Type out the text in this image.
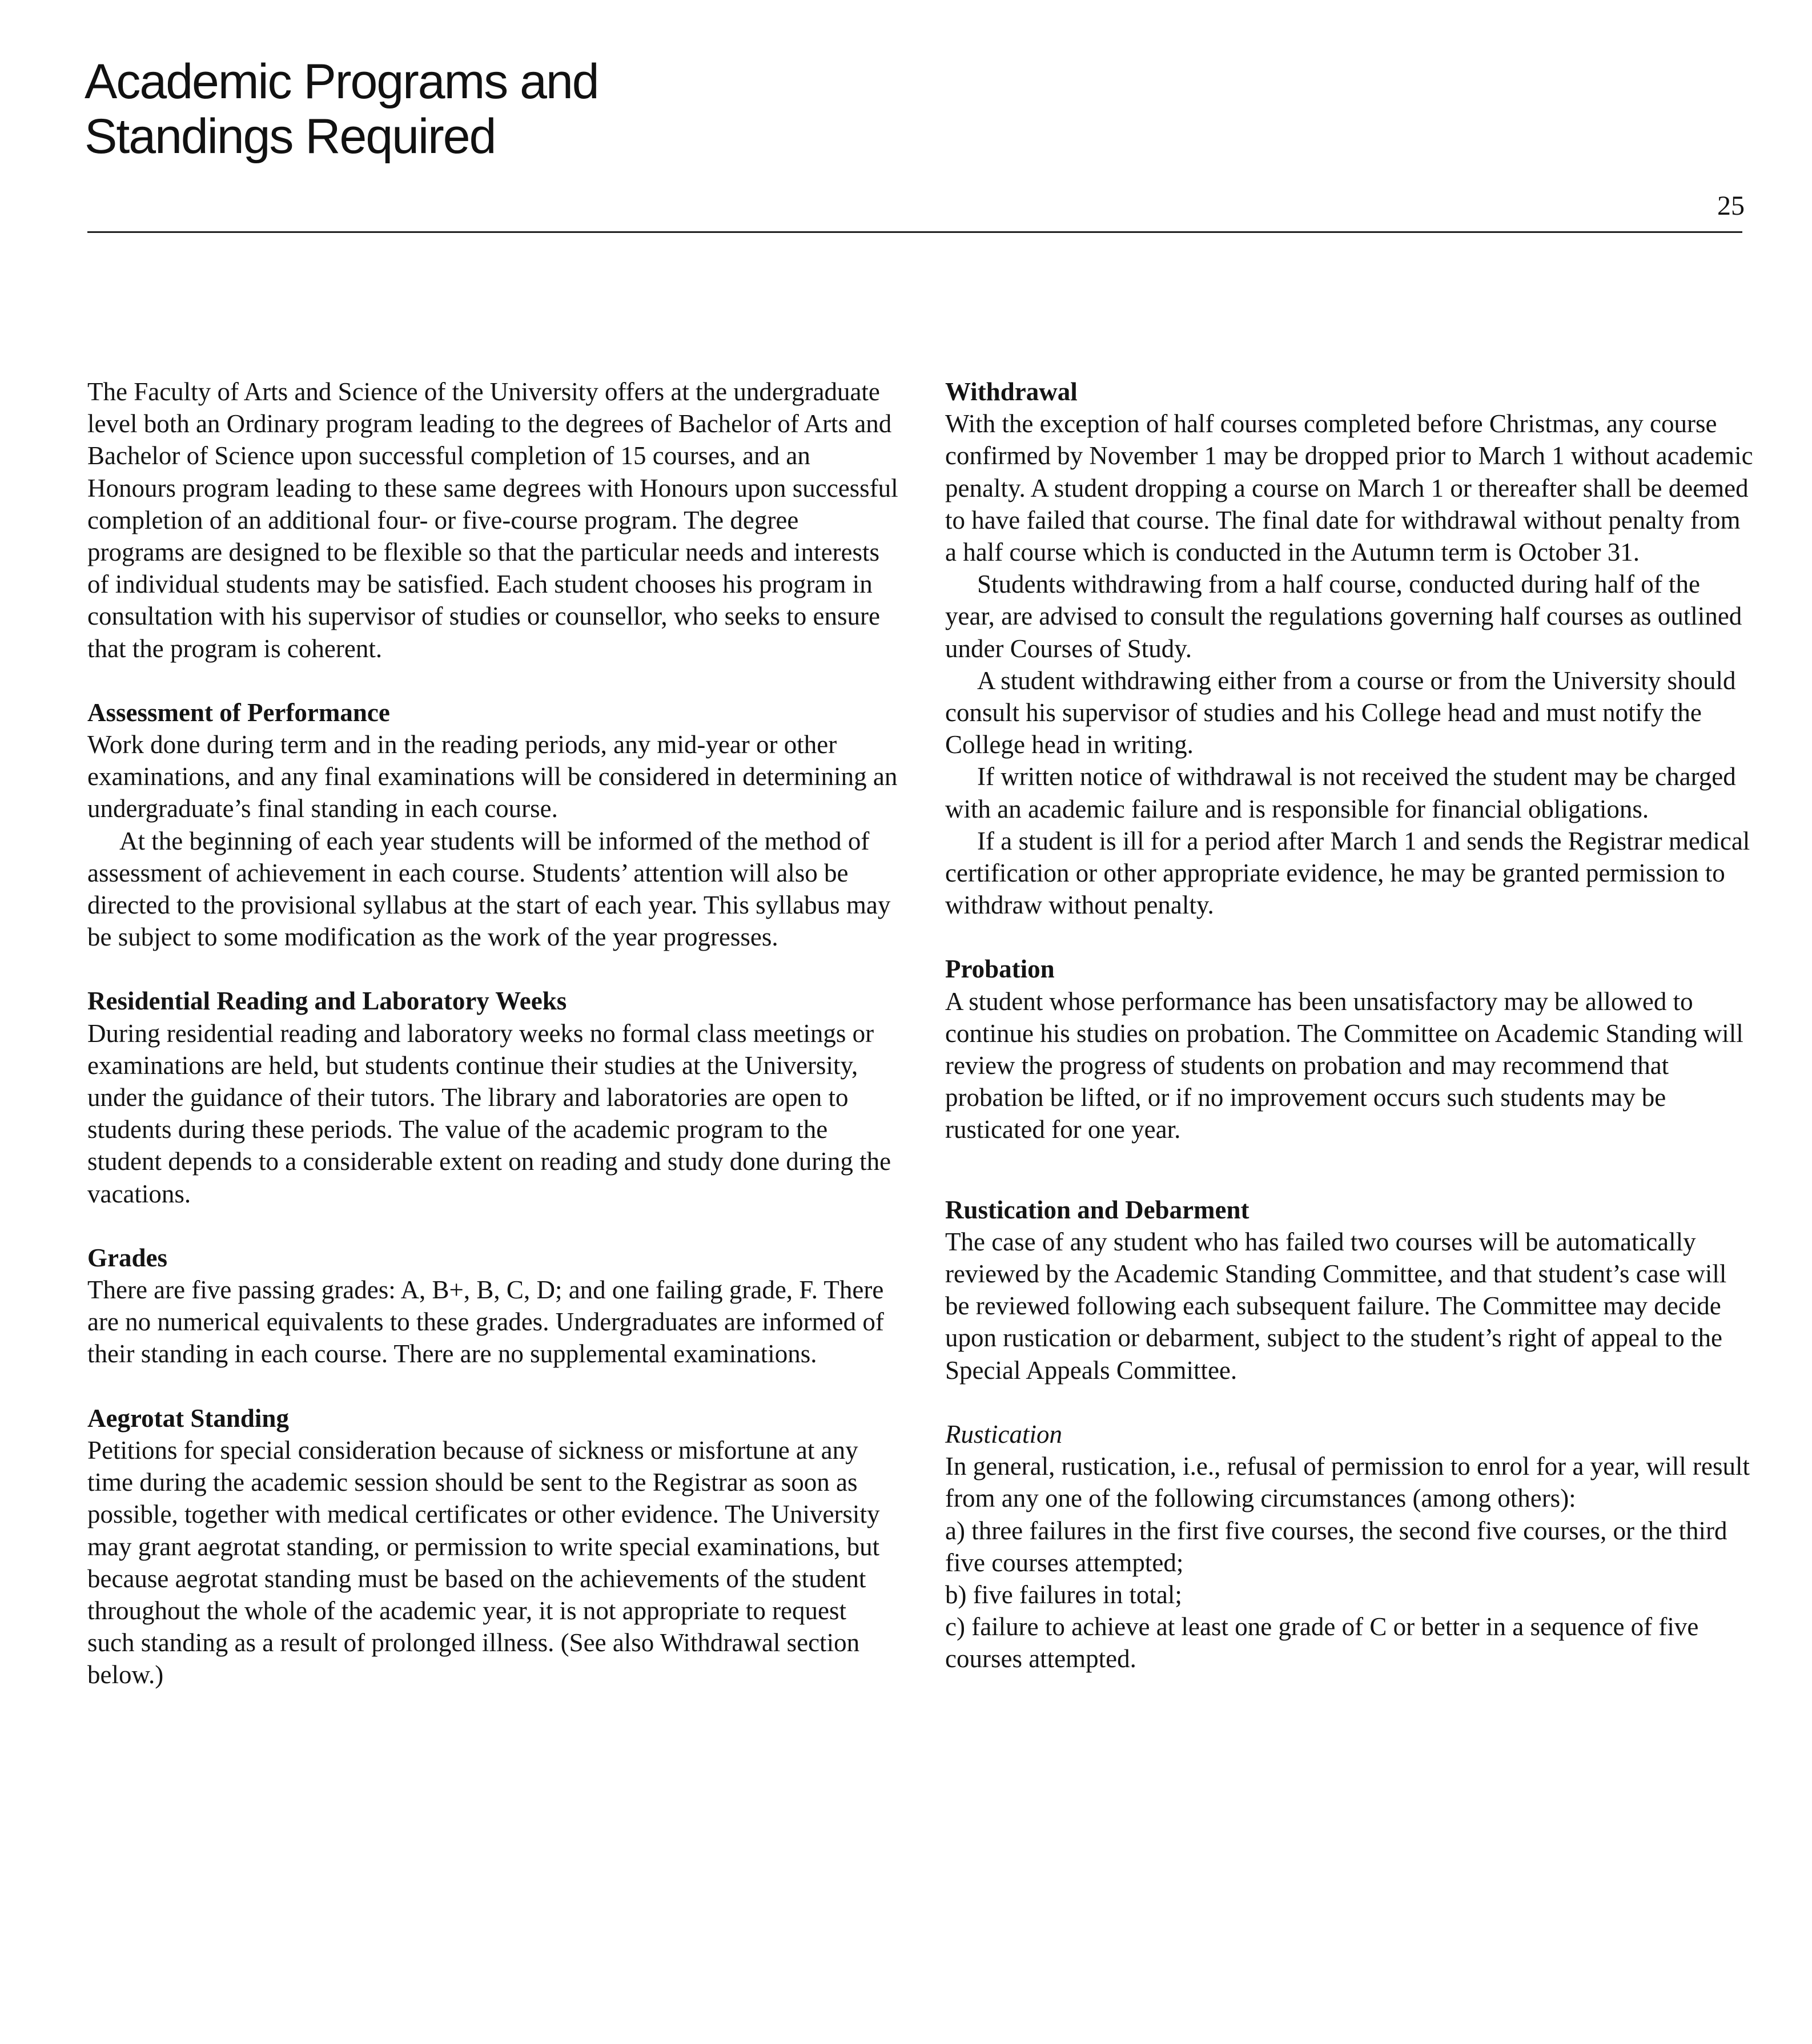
Academic Programs and
Standings Required
25

The Faculty of Arts and Science of the University offers at the undergraduate level both an Ordinary program leading to the degrees of Bachelor of Arts and Bachelor of Science upon successful completion of 15 courses, and an Honours program leading to these same degrees with Honours upon successful completion of an additional four- or five-course program. The degree programs are designed to be flexible so that the particular needs and interests of individual students may be satisfied. Each student chooses his program in consultation with his supervisor of studies or counsellor, who seeks to ensure that the program is coherent.

Assessment of Performance

Work done during term and in the reading periods, any mid-year or other examinations, and any final examinations will be considered in determining an undergraduate’s final standing in each course.

At the beginning of each year students will be informed of the method of assessment of achievement in each course. Students’ attention will also be directed to the provisional syllabus at the start of each year. This syllabus may be subject to some modification as the work of the year progresses.

Residential Reading and Laboratory Weeks

During residential reading and laboratory weeks no formal class meetings or examinations are held, but students continue their studies at the University, under the guidance of their tutors. The library and laboratories are open to students during these periods. The value of the academic program to the student depends to a considerable extent on reading and study done during the vacations.

Grades

There are five passing grades: A, B+, B, C, D; and one failing grade, F. There are no numerical equivalents to these grades. Undergraduates are informed of their standing in each course. There are no supplemental examinations.

Aegrotat Standing

Petitions for special consideration because of sickness or misfortune at any time during the academic session should be sent to the Registrar as soon as possible, together with medical certificates or other evidence. The University may grant aegrotat standing, or permission to write special examinations, but because aegrotat standing must be based on the achievements of the student throughout the whole of the academic year, it is not appropriate to request such standing as a result of prolonged illness. (See also Withdrawal section below.)

Withdrawal

With the exception of half courses completed before Christmas, any course confirmed by November 1 may be dropped prior to March 1 without academic penalty. A student dropping a course on March 1 or thereafter shall be deemed to have failed that course. The final date for withdrawal without penalty from a half course which is conducted in the Autumn term is October 31.

Students withdrawing from a half course, conducted during half of the year, are advised to consult the regulations governing half courses as outlined under Courses of Study.

A student withdrawing either from a course or from the University should consult his supervisor of studies and his College head and must notify the College head in writing.

If written notice of withdrawal is not received the student may be charged with an academic failure and is responsible for financial obligations.

If a student is ill for a period after March 1 and sends the Registrar medical certification or other appropriate evidence, he may be granted permission to withdraw without penalty.

Probation

A student whose performance has been unsatisfactory may be allowed to continue his studies on probation. The Committee on Academic Standing will review the progress of students on probation and may recommend that probation be lifted, or if no improvement occurs such students may be rusticated for one year.

Rustication and Debarment

The case of any student who has failed two courses will be automatically reviewed by the Academic Standing Committee, and that student’s case will be reviewed following each subsequent failure. The Committee may decide upon rustication or debarment, subject to the student’s right of appeal to the Special Appeals Committee.

Rustication

In general, rustication, i.e., refusal of permission to enrol for a year, will result from any one of the following circumstances (among others):

a) three failures in the first five courses, the second five courses, or the third five courses attempted;

b) five failures in total;

c) failure to achieve at least one grade of C or better in a sequence of five courses attempted.
